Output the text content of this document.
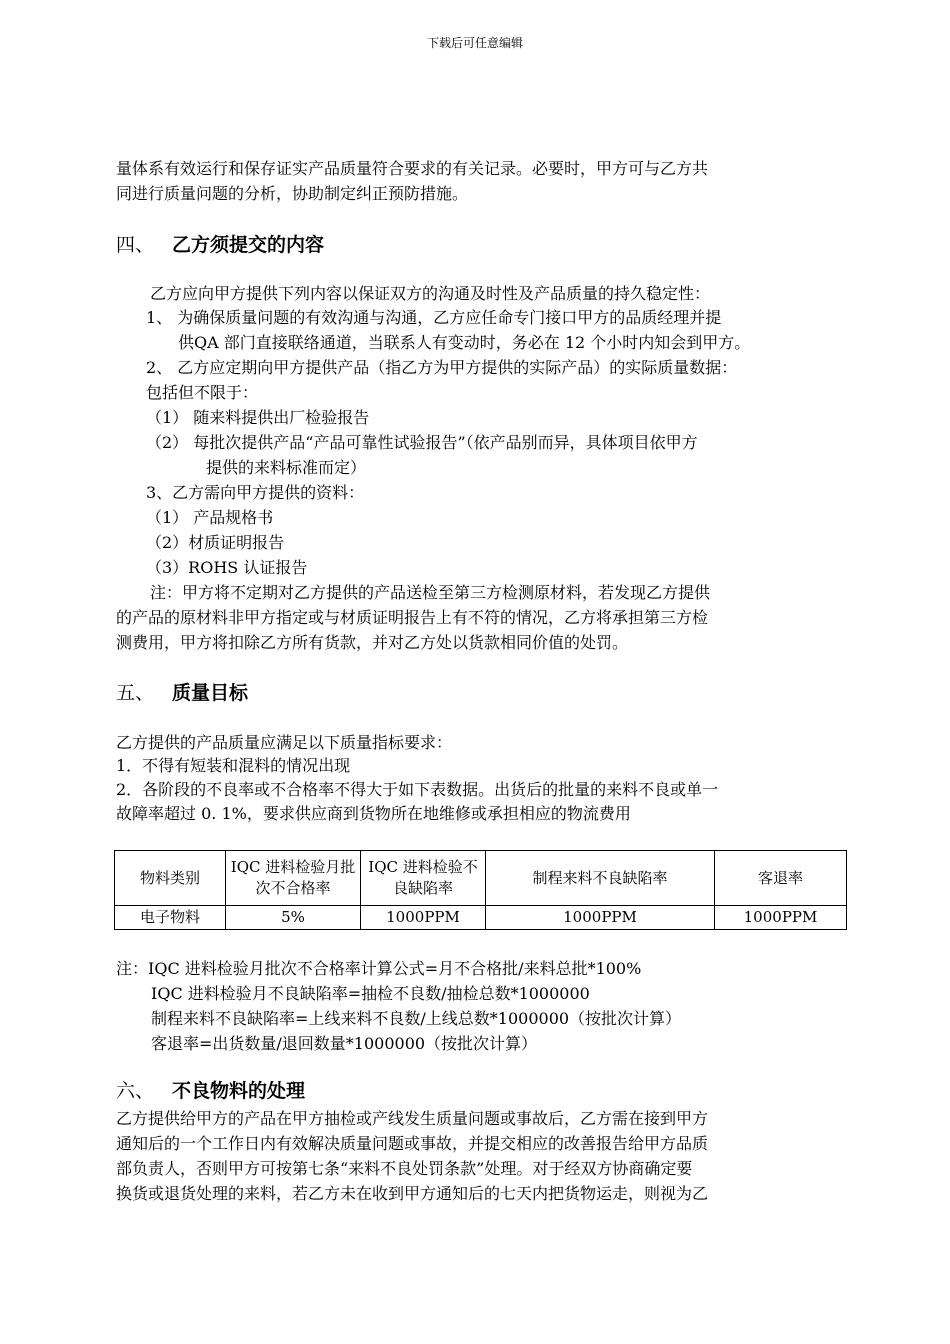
下载后可任意编辑
量体系有效运行和保存证实产品质量符合要求的有关记录。必要时，甲方可与乙方共
同进行质量问题的分析，协助制定纠正预防措施。
四、 乙方须提交的内容
乙方应向甲方提供下列内容以保证双方的沟通及时性及产品质量的持久稳定性：
1、 为确保质量问题的有效沟通与沟通，乙方应任命专门接口甲方的品质经理并提
供QA 部门直接联络通道，当联系人有变动时，务必在 12 个小时内知会到甲方。
2、 乙方应定期向甲方提供产品（指乙方为甲方提供的实际产品）的实际质量数据：
包括但不限于：
（1） 随来料提供出厂检验报告
（2） 每批次提供产品“产品可靠性试验报告”（依产品别而异，具体项目依甲方
提供的来料标准而定）
3、乙方需向甲方提供的资料：
（1） 产品规格书
（2）材质证明报告
（3）ROHS 认证报告
注：甲方将不定期对乙方提供的产品送检至第三方检测原材料，若发现乙方提供
的产品的原材料非甲方指定或与材质证明报告上有不符的情况，乙方将承担第三方检
测费用，甲方将扣除乙方所有货款，并对乙方处以货款相同价值的处罚。
五、 质量目标
乙方提供的产品质量应满足以下质量指标要求：
1．不得有短装和混料的情况出现
2．各阶段的不良率或不合格率不得大于如下表数据。出货后的批量的来料不良或单一
故障率超过 0. 1%，要求供应商到货物所在地维修或承担相应的物流费用
物料类别	IQC 进料检验月批次不合格率	IQC 进料检验不良缺陷率	制程来料不良缺陷率	客退率
电子物料	5%	1000PPM	1000PPM	1000PPM
注：IQC 进料检验月批次不合格率计算公式=月不合格批/来料总批*100%
IQC 进料检验月不良缺陷率=抽检不良数/抽检总数*1000000
制程来料不良缺陷率=上线来料不良数/上线总数*1000000（按批次计算）
客退率=出货数量/退回数量*1000000（按批次计算）
六、 不良物料的处理
乙方提供给甲方的产品在甲方抽检或产线发生质量问题或事故后，乙方需在接到甲方
通知后的一个工作日内有效解决质量问题或事故，并提交相应的改善报告给甲方品质
部负责人，否则甲方可按第七条“来料不良处罚条款”处理。对于经双方协商确定要
换货或退货处理的来料，若乙方未在收到甲方通知后的七天内把货物运走，则视为乙
